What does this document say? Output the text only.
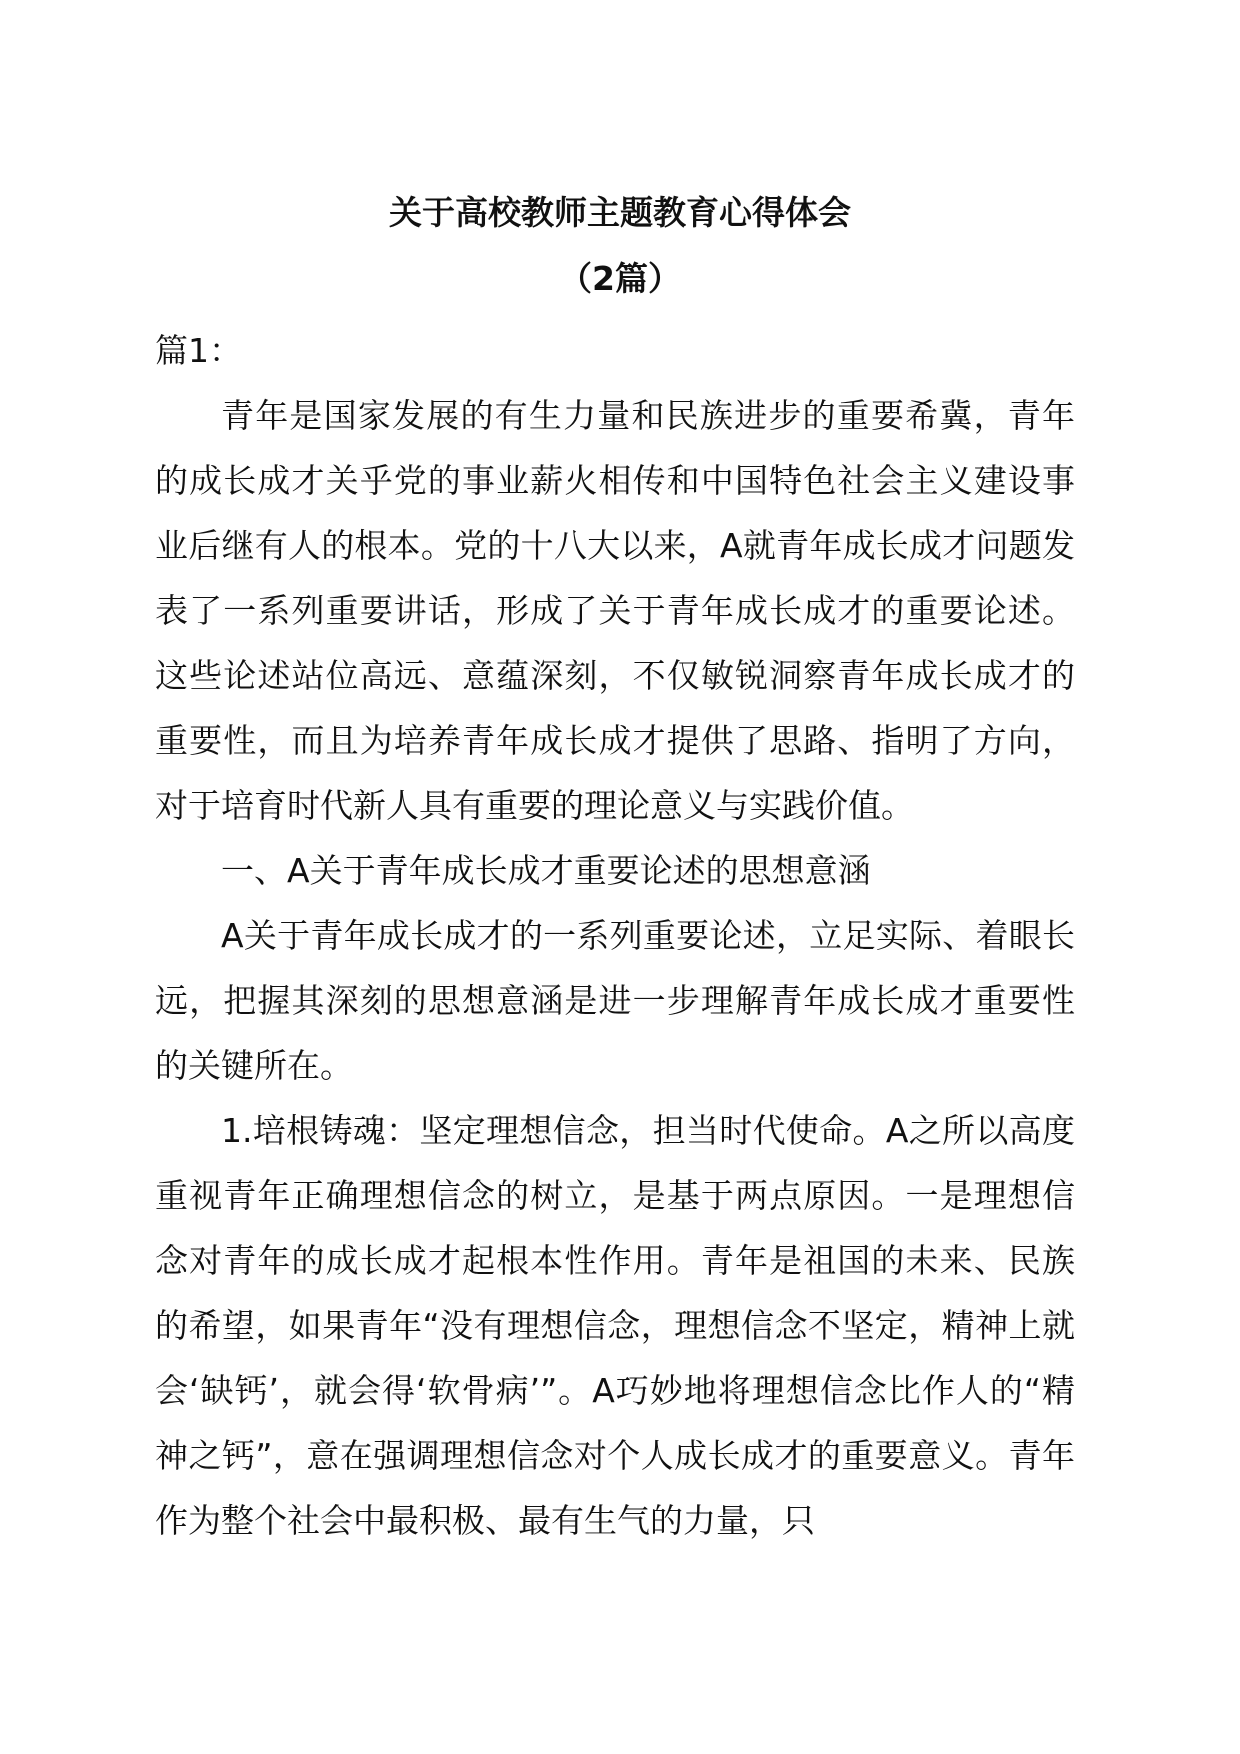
关于高校教师主题教育心得体会
（2篇）

篇1：

青年是国家发展的有生力量和民族进步的重要希冀，青年的成长成才关乎党的事业薪火相传和中国特色社会主义建设事业后继有人的根本。党的十八大以来，A就青年成长成才问题发表了一系列重要讲话，形成了关于青年成长成才的重要论述。这些论述站位高远、意蕴深刻，不仅敏锐洞察青年成长成才的重要性，而且为培养青年成长成才提供了思路、指明了方向，对于培育时代新人具有重要的理论意义与实践价值。

一、A关于青年成长成才重要论述的思想意涵

A关于青年成长成才的一系列重要论述，立足实际、着眼长远，把握其深刻的思想意涵是进一步理解青年成长成才重要性的关键所在。

1.培根铸魂：坚定理想信念，担当时代使命。A之所以高度重视青年正确理想信念的树立，是基于两点原因。一是理想信念对青年的成长成才起根本性作用。青年是祖国的未来、民族的希望，如果青年“没有理想信念，理想信念不坚定，精神上就会‘缺钙’，就会得‘软骨病’”。A巧妙地将理想信念比作人的“精神之钙”，意在强调理想信念对个人成长成才的重要意义。青年作为整个社会中最积极、最有生气的力量，只
